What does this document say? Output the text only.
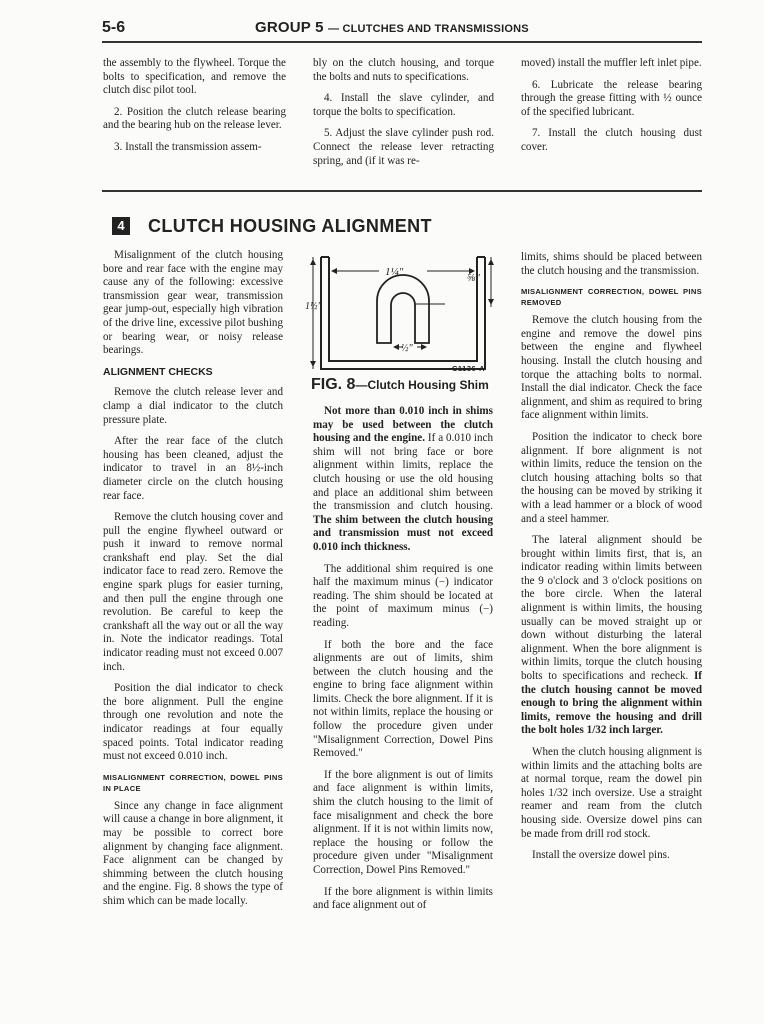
5-6	GROUP 5 — CLUTCHES AND TRANSMISSIONS

the assembly to the flywheel. Torque the bolts to specification, and remove the clutch disc pilot tool.

2. Position the clutch release bearing and the bearing hub on the release lever.

3. Install the transmission assem-

bly on the clutch housing, and torque the bolts and nuts to specifications.

4. Install the slave cylinder, and torque the bolts to specification.

5. Adjust the slave cylinder push rod. Connect the release lever retracting spring, and (if it was re-

moved) install the muffler left inlet pipe.

6. Lubricate the release bearing through the grease fitting with ½ ounce of the specified lubricant.

7. Install the clutch housing dust cover.

4 CLUTCH HOUSING ALIGNMENT

Misalignment of the clutch housing bore and rear face with the engine may cause any of the following: excessive transmission gear wear, transmission gear jump-out, especially high vibration of the drive line, excessive pilot bushing or bearing wear, or noisy release bearings.

ALIGNMENT CHECKS

Remove the clutch release lever and clamp a dial indicator to the clutch pressure plate.

After the rear face of the clutch housing has been cleaned, adjust the indicator to travel in an 8½-inch diameter circle on the clutch housing rear face.

Remove the clutch housing cover and pull the engine flywheel outward or push it inward to remove normal crankshaft end play. Set the dial indicator face to read zero. Remove the engine spark plugs for easier turning, and then pull the engine through one revolution. Be careful to keep the crankshaft all the way out or all the way in. Note the indicator readings. Total indicator reading must not exceed 0.007 inch.

Position the dial indicator to check the bore alignment. Pull the engine through one revolution and note the indicator readings at four equally spaced points. Total indicator reading must not exceed 0.010 inch.

MISALIGNMENT CORRECTION, DOWEL PINS IN PLACE

Since any change in face alignment will cause a change in bore alignment, it may be possible to correct bore alignment by changing face alignment. Face alignment can be changed by shimming between the clutch housing and the engine. Fig. 8 shows the type of shim which can be made locally.

1¼"	⅝"
1½"
½"
C1136-A
FIG. 8—Clutch Housing Shim

Not more than 0.010 inch in shims may be used between the clutch housing and the engine. If a 0.010 inch shim will not bring face or bore alignment within limits, replace the clutch housing or use the old housing and place an additional shim between the transmission and clutch housing. The shim between the clutch housing and transmission must not exceed 0.010 inch thickness.

The additional shim required is one half the maximum minus (−) indicator reading. The shim should be located at the point of maximum minus (−) reading.

If both the bore and the face alignments are out of limits, shim between the clutch housing and the engine to bring face alignment within limits. Check the bore alignment. If it is not within limits, replace the housing or follow the procedure given under "Misalignment Correction, Dowel Pins Removed."

If the bore alignment is out of limits and face alignment is within limits, shim the clutch housing to the limit of face misalignment and check the bore alignment. If it is not within limits now, replace the housing or follow the procedure given under "Misalignment Correction, Dowel Pins Removed."

If the bore alignment is within limits and face alignment out of

limits, shims should be placed between the clutch housing and the transmission.

MISALIGNMENT CORRECTION, DOWEL PINS REMOVED

Remove the clutch housing from the engine and remove the dowel pins between the engine and flywheel housing. Install the clutch housing and torque the attaching bolts to normal. Install the dial indicator. Check the face alignment, and shim as required to bring face alignment within limits.

Position the indicator to check bore alignment. If bore alignment is not within limits, reduce the tension on the clutch housing attaching bolts so that the housing can be moved by striking it with a lead hammer or a block of wood and a steel hammer.

The lateral alignment should be brought within limits first, that is, an indicator reading within limits between the 9 o'clock and 3 o'clock positions on the bore circle. When the lateral alignment is within limits, the housing usually can be moved straight up or down without disturbing the lateral alignment. When the bore alignment is within limits, torque the clutch housing bolts to specifications and recheck. If the clutch housing cannot be moved enough to bring the alignment within limits, remove the housing and drill the bolt holes 1/32 inch larger.

When the clutch housing alignment is within limits and the attaching bolts are at normal torque, ream the dowel pin holes 1/32 inch oversize. Use a straight reamer and ream from the clutch housing side. Oversize dowel pins can be made from drill rod stock.

Install the oversize dowel pins.
